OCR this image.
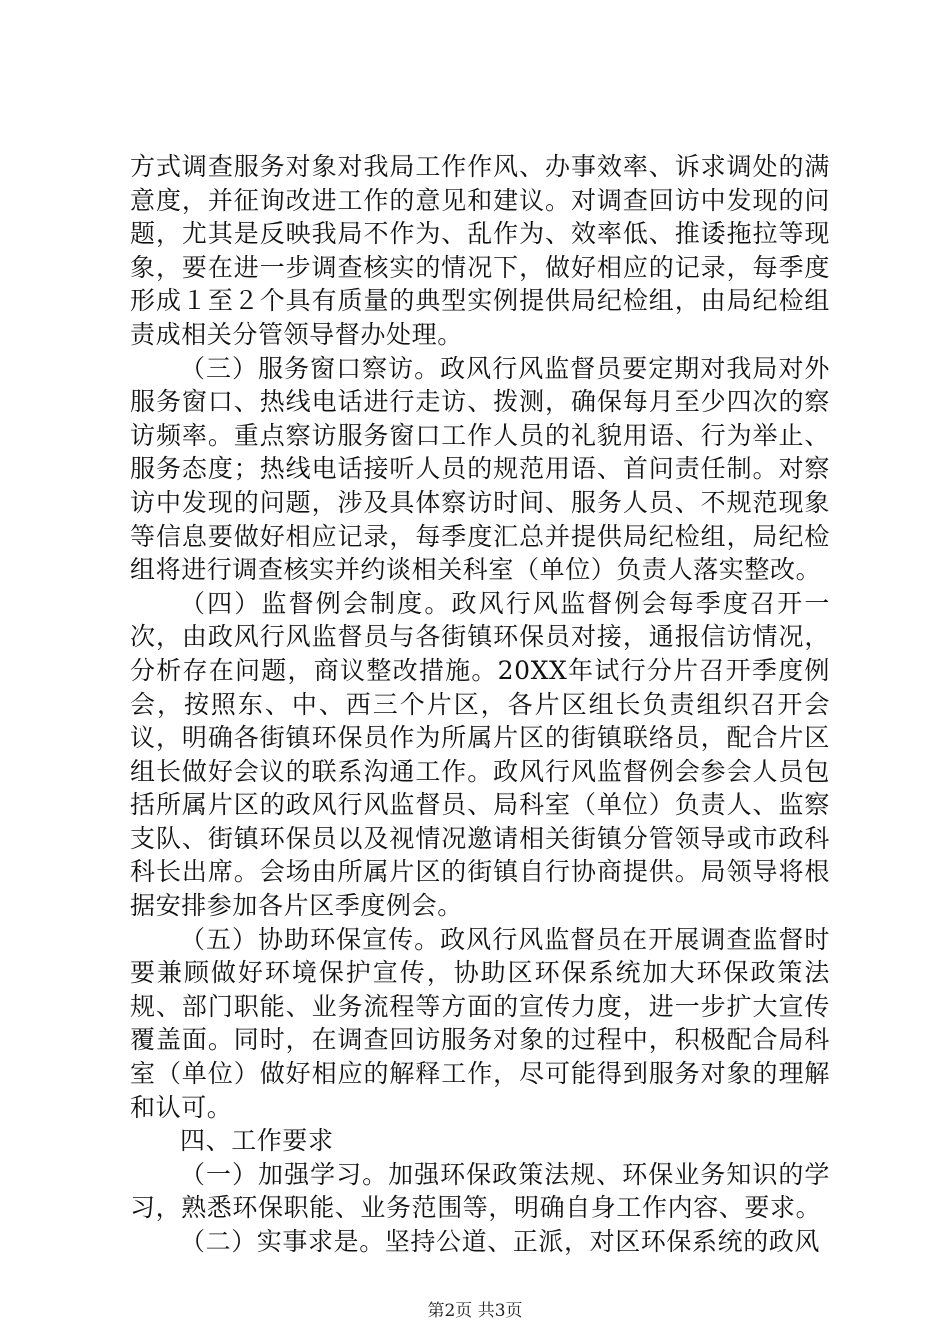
方式调查服务对象对我局工作作风、办事效率、诉求调处的满意度，并征询改进工作的意见和建议。对调查回访中发现的问题，尤其是反映我局不作为、乱作为、效率低、推诿拖拉等现象，要在进一步调查核实的情况下，做好相应的记录，每季度形成１至２个具有质量的典型实例提供局纪检组，由局纪检组责成相关分管领导督办处理。

（三）服务窗口察访。政风行风监督员要定期对我局对外服务窗口、热线电话进行走访、拨测，确保每月至少四次的察访频率。重点察访服务窗口工作人员的礼貌用语、行为举止、服务态度；热线电话接听人员的规范用语、首问责任制。对察访中发现的问题，涉及具体察访时间、服务人员、不规范现象等信息要做好相应记录，每季度汇总并提供局纪检组，局纪检组将进行调查核实并约谈相关科室（单位）负责人落实整改。

（四）监督例会制度。政风行风监督例会每季度召开一次，由政风行风监督员与各街镇环保员对接，通报信访情况，分析存在问题，商议整改措施。20XX年试行分片召开季度例会，按照东、中、西三个片区，各片区组长负责组织召开会议，明确各街镇环保员作为所属片区的街镇联络员，配合片区组长做好会议的联系沟通工作。政风行风监督例会参会人员包括所属片区的政风行风监督员、局科室（单位）负责人、监察支队、街镇环保员以及视情况邀请相关街镇分管领导或市政科科长出席。会场由所属片区的街镇自行协商提供。局领导将根据安排参加各片区季度例会。

（五）协助环保宣传。政风行风监督员在开展调查监督时要兼顾做好环境保护宣传，协助区环保系统加大环保政策法规、部门职能、业务流程等方面的宣传力度，进一步扩大宣传覆盖面。同时，在调查回访服务对象的过程中，积极配合局科室（单位）做好相应的解释工作，尽可能得到服务对象的理解和认可。

四、工作要求

（一）加强学习。加强环保政策法规、环保业务知识的学习，熟悉环保职能、业务范围等，明确自身工作内容、要求。

（二）实事求是。坚持公道、正派，对区环保系统的政风

第2页 共3页
